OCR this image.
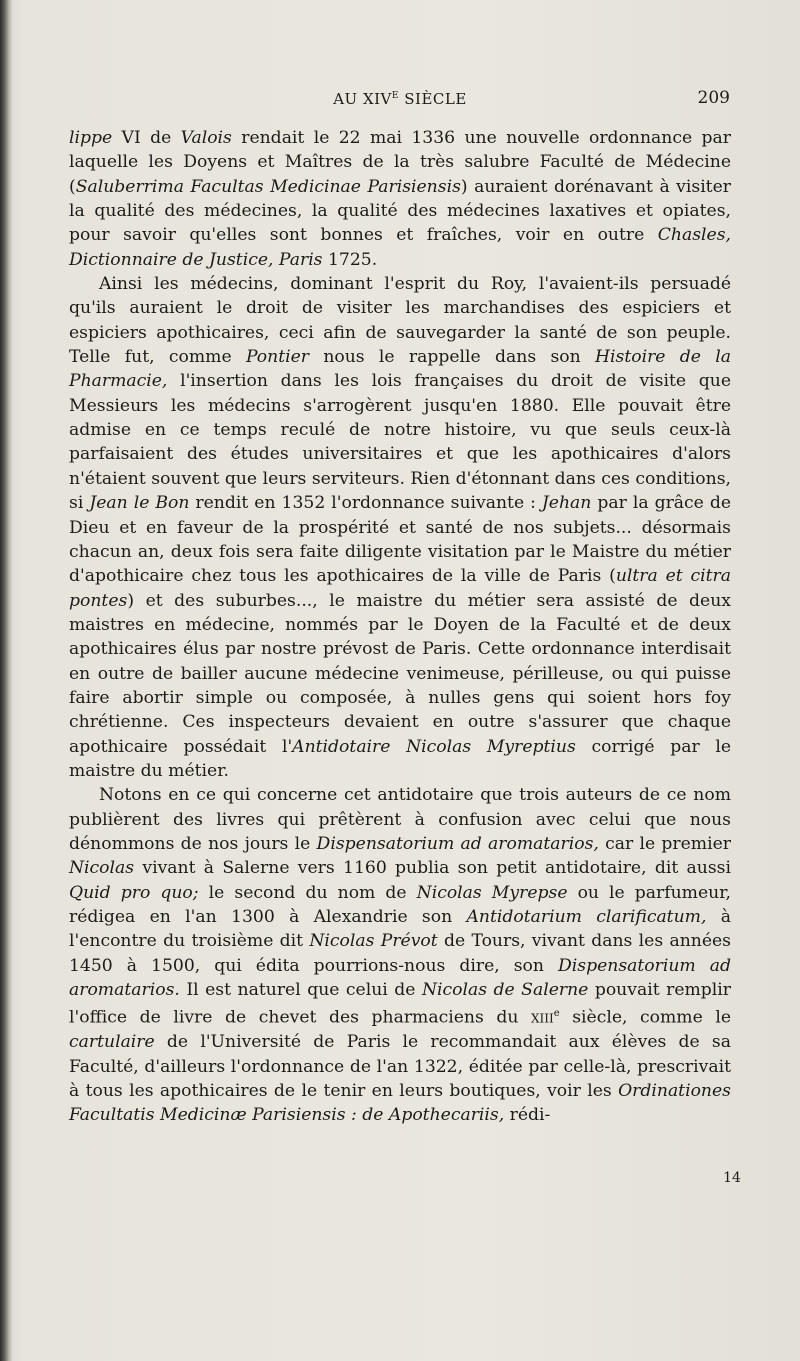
AU $XIV^E$ SIÈCLE	209

lippe VI de Valois rendait le 22 mai 1336 une nouvelle ordonnance par laquelle les Doyens et Maîtres de la très salubre Faculté de Médecine (Saluberrima Facultas Medicinae Parisiensis) auraient dorénavant à visiter la qualité des médecines, la qualité des médecines laxatives et opiates, pour savoir qu'elles sont bonnes et fraîches, voir en outre Chasles, Dictionnaire de Justice, Paris 1725.

Ainsi les médecins, dominant l'esprit du Roy, l'avaient-ils persuadé qu'ils auraient le droit de visiter les marchandises des espiciers et espiciers apothicaires, ceci afin de sauvegarder la santé de son peuple. Telle fut, comme Pontier nous le rappelle dans son Histoire de la Pharmacie, l'insertion dans les lois françaises du droit de visite que Messieurs les médecins s'arrogèrent jusqu'en 1880. Elle pouvait être admise en ce temps reculé de notre histoire, vu que seuls ceux-là parfaisaient des études universitaires et que les apothicaires d'alors n'étaient souvent que leurs serviteurs. Rien d'étonnant dans ces conditions, si Jean le Bon rendit en 1352 l'ordonnance suivante : Jehan par la grâce de Dieu et en faveur de la prospérité et santé de nos subjets... désormais chacun an, deux fois sera faite diligente visitation par le Maistre du métier d'apothicaire chez tous les apothicaires de la ville de Paris (ultra et citra pontes) et des suburbes..., le maistre du métier sera assisté de deux maistres en médecine, nommés par le Doyen de la Faculté et de deux apothicaires élus par nostre prévost de Paris. Cette ordonnance interdisait en outre de bailler aucune médecine venimeuse, périlleuse, ou qui puisse faire abortir simple ou composée, à nulles gens qui soient hors foy chrétienne. Ces inspecteurs devaient en outre s'assurer que chaque apothicaire possédait l'Antidotaire Nicolas Myreptius corrigé par le maistre du métier.

Notons en ce qui concerne cet antidotaire que trois auteurs de ce nom publièrent des livres qui prêtèrent à confusion avec celui que nous dénommons de nos jours le Dispensatorium ad aromatarios, car le premier Nicolas vivant à Salerne vers 1160 publia son petit antidotaire, dit aussi Quid pro quo; le second du nom de Nicolas Myrepse ou le parfumeur, rédigea en l'an 1300 à Alexandrie son Antidotarium clarificatum, à l'encontre du troisième dit Nicolas Prévot de Tours, vivant dans les années 1450 à 1500, qui édita pourrions-nous dire, son Dispensatorium ad aromatarios. Il est naturel que celui de Nicolas de Salerne pouvait remplir l'office de livre de chevet des pharmaciens du xiii$^e$ siècle, comme le cartulaire de l'Université de Paris le recommandait aux élèves de sa Faculté, d'ailleurs l'ordonnance de l'an 1322, éditée par celle-là, prescrivait à tous les apothicaires de le tenir en leurs boutiques, voir les Ordinationes Facultatis Medicinæ Parisiensis : de Apothecariis, rédi-

14
